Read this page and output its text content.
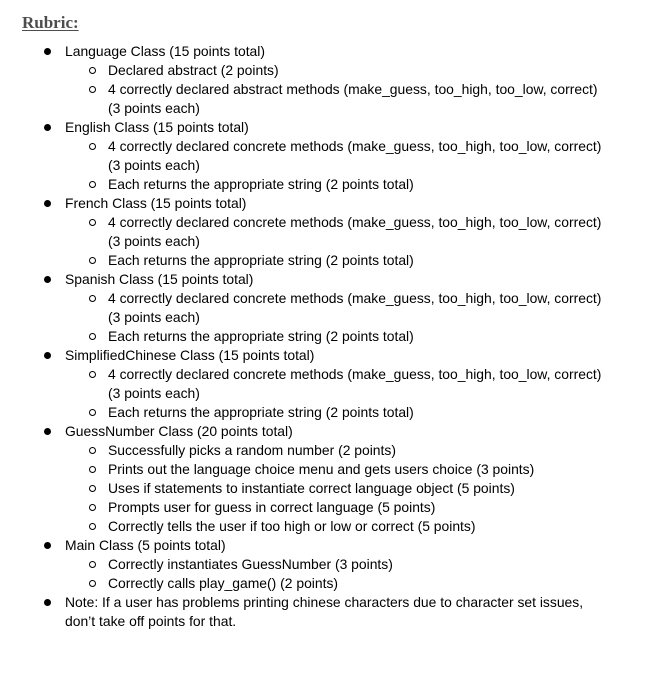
Rubric:
Language Class (15 points total)
Declared abstract (2 points)
4 correctly declared abstract methods (make_guess, too_high, too_low, correct)
(3 points each)
English Class (15 points total)
4 correctly declared concrete methods (make_guess, too_high, too_low, correct)
(3 points each)
Each returns the appropriate string (2 points total)
French Class (15 points total)
4 correctly declared concrete methods (make_guess, too_high, too_low, correct)
(3 points each)
Each returns the appropriate string (2 points total)
Spanish Class (15 points total)
4 correctly declared concrete methods (make_guess, too_high, too_low, correct)
(3 points each)
Each returns the appropriate string (2 points total)
SimplifiedChinese Class (15 points total)
4 correctly declared concrete methods (make_guess, too_high, too_low, correct)
(3 points each)
Each returns the appropriate string (2 points total)
GuessNumber Class (20 points total)
Successfully picks a random number (2 points)
Prints out the language choice menu and gets users choice (3 points)
Uses if statements to instantiate correct language object (5 points)
Prompts user for guess in correct language (5 points)
Correctly tells the user if too high or low or correct (5 points)
Main Class (5 points total)
Correctly instantiates GuessNumber (3 points)
Correctly calls play_game() (2 points)
Note: If a user has problems printing chinese characters due to character set issues,
don’t take off points for that.
